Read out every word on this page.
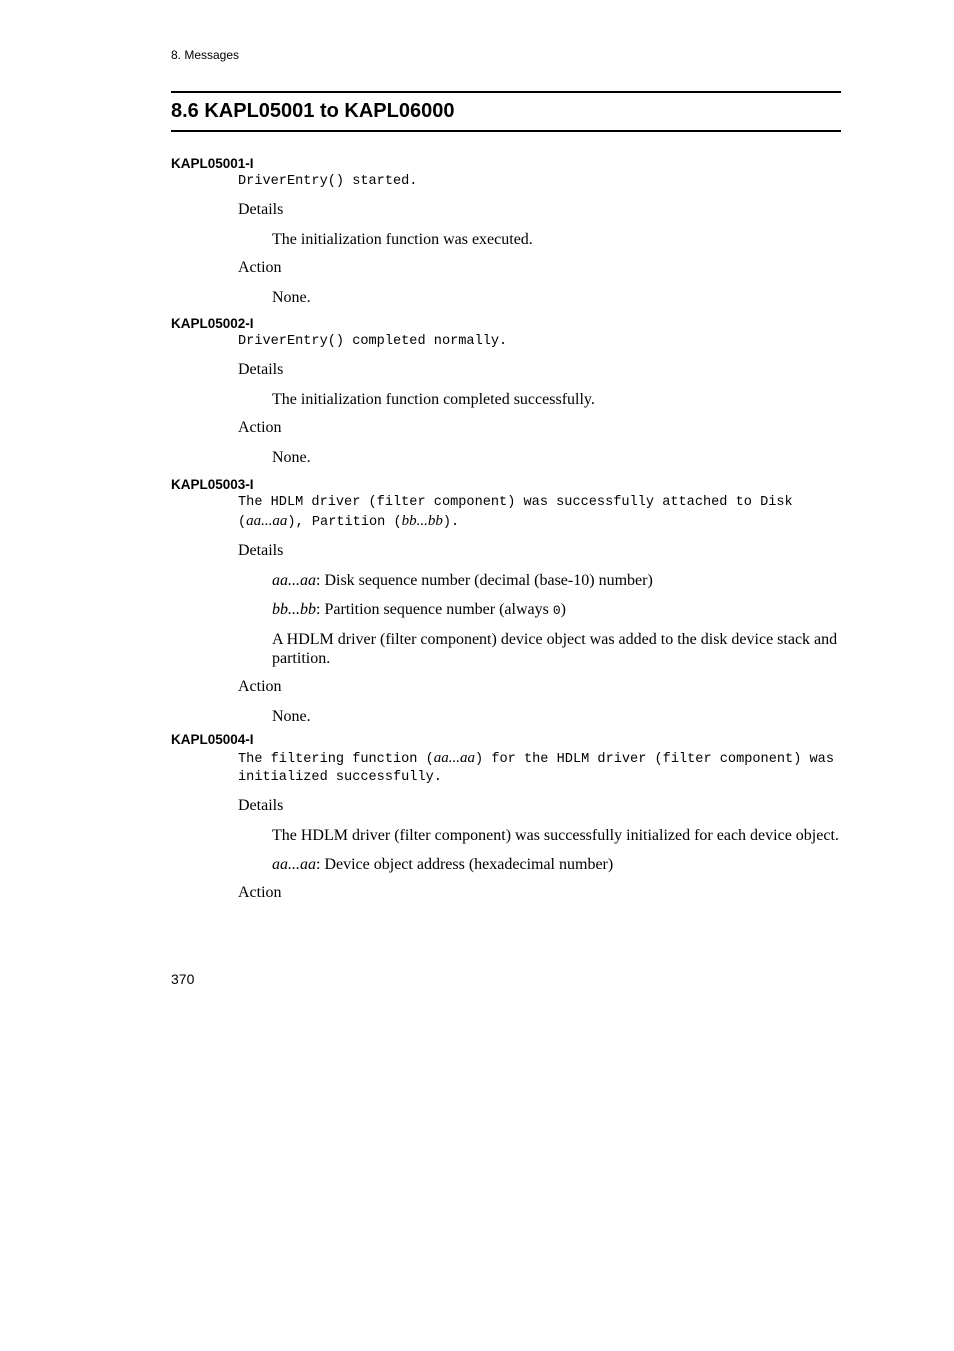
8. Messages
8.6 KAPL05001 to KAPL06000
KAPL05001-I
DriverEntry() started.
Details
The initialization function was executed.
Action
None.
KAPL05002-I
DriverEntry() completed normally.
Details
The initialization function completed successfully.
Action
None.
KAPL05003-I
The HDLM driver (filter component) was successfully attached to Disk (aa...aa), Partition (bb...bb).
Details
aa...aa: Disk sequence number (decimal (base-10) number)
bb...bb: Partition sequence number (always 0)
A HDLM driver (filter component) device object was added to the disk device stack and partition.
Action
None.
KAPL05004-I
The filtering function (aa...aa) for the HDLM driver (filter component) was initialized successfully.
Details
The HDLM driver (filter component) was successfully initialized for each device object.
aa...aa: Device object address (hexadecimal number)
Action
370
